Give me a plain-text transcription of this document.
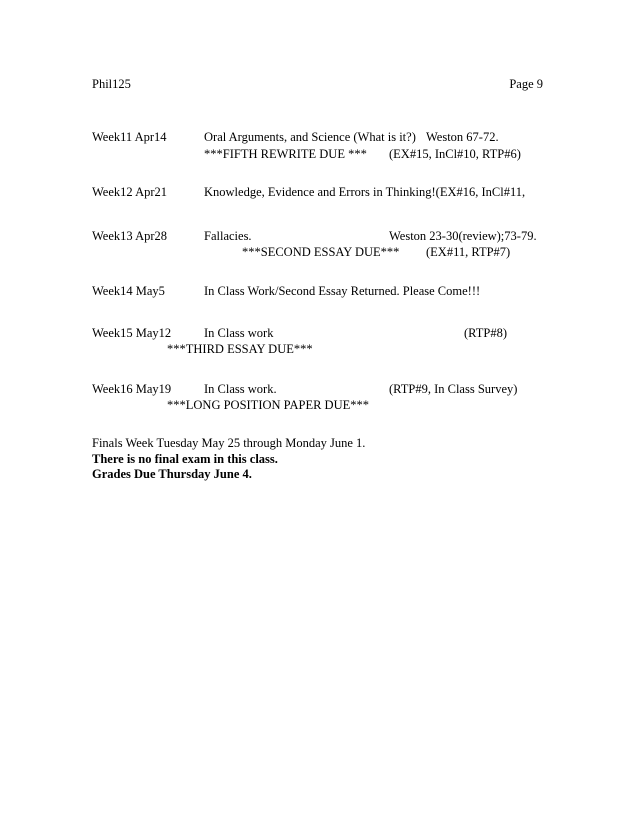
Phil125	Page 9
Week11 Apr14	Oral Arguments, and Science (What is it?) Weston 67-72.
***FIFTH REWRITE DUE *** (EX#15, InCl#10, RTP#6)
Week12 Apr21	Knowledge, Evidence and Errors in Thinking!(EX#16, InCl#11,
Week13 Apr28	Fallacies.	Weston 23-30(review);73-79.
***SECOND ESSAY DUE*** (EX#11, RTP#7)
Week14 May5	In Class Work/Second Essay Returned. Please Come!!!
Week15 May12	In Class work	(RTP#8)
***THIRD ESSAY DUE***
Week16 May19	In Class work.	(RTP#9, In Class Survey)
***LONG POSITION PAPER DUE***
Finals Week Tuesday May 25 through Monday June 1.
There is no final exam in this class.
Grades Due Thursday June 4.
